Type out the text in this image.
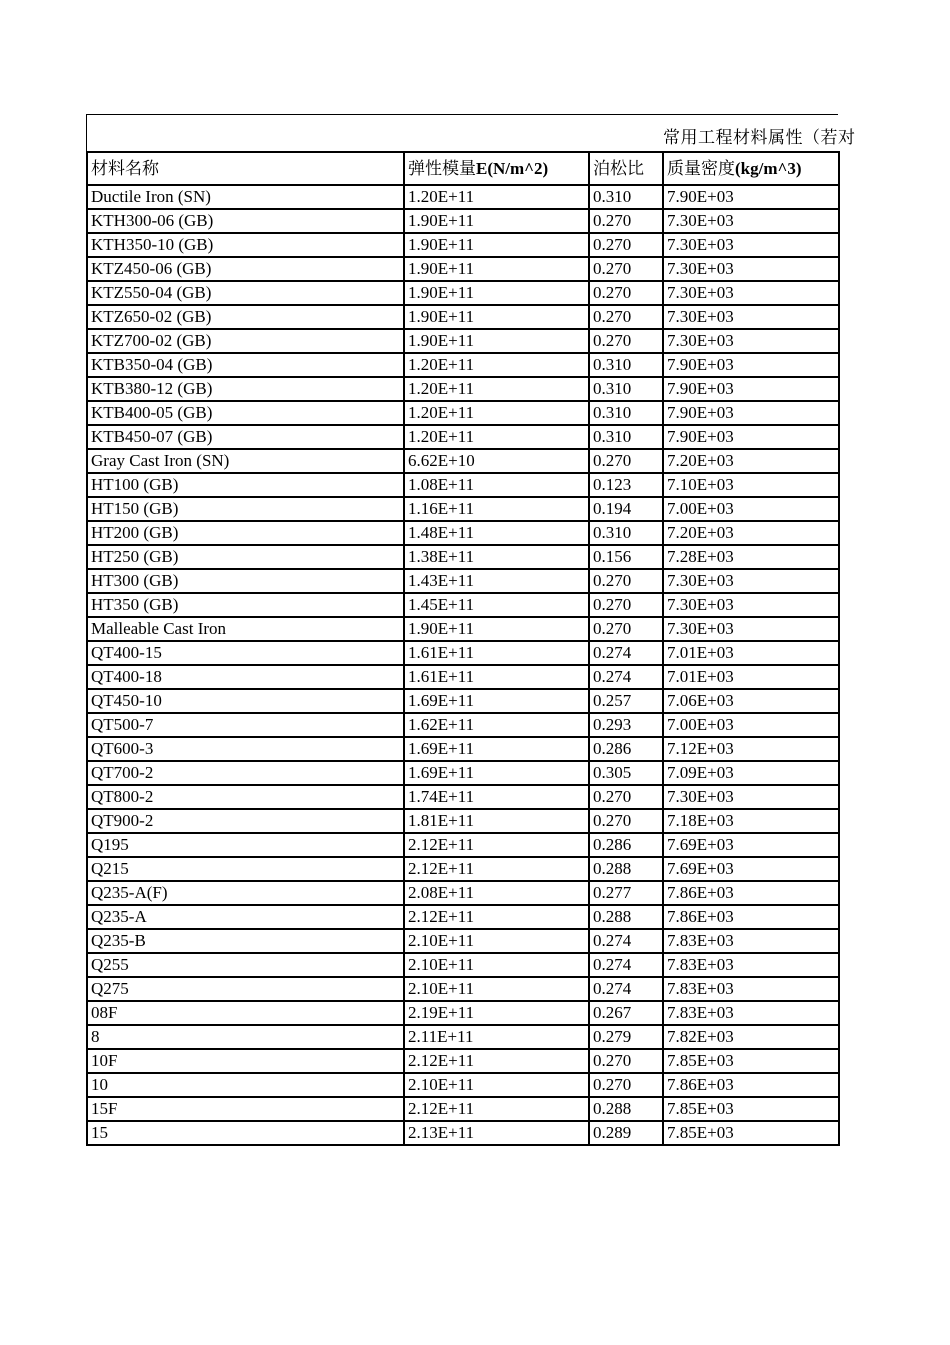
常用工程材料属性（若对
材料名称	弹性模量E(N/m^2)	泊松比	质量密度(kg/m^3)
Ductile Iron (SN)	1.20E+11	0.310	7.90E+03
KTH300-06 (GB)	1.90E+11	0.270	7.30E+03
KTH350-10 (GB)	1.90E+11	0.270	7.30E+03
KTZ450-06 (GB)	1.90E+11	0.270	7.30E+03
KTZ550-04 (GB)	1.90E+11	0.270	7.30E+03
KTZ650-02 (GB)	1.90E+11	0.270	7.30E+03
KTZ700-02 (GB)	1.90E+11	0.270	7.30E+03
KTB350-04 (GB)	1.20E+11	0.310	7.90E+03
KTB380-12 (GB)	1.20E+11	0.310	7.90E+03
KTB400-05 (GB)	1.20E+11	0.310	7.90E+03
KTB450-07 (GB)	1.20E+11	0.310	7.90E+03
Gray Cast Iron (SN)	6.62E+10	0.270	7.20E+03
HT100 (GB)	1.08E+11	0.123	7.10E+03
HT150 (GB)	1.16E+11	0.194	7.00E+03
HT200 (GB)	1.48E+11	0.310	7.20E+03
HT250 (GB)	1.38E+11	0.156	7.28E+03
HT300 (GB)	1.43E+11	0.270	7.30E+03
HT350 (GB)	1.45E+11	0.270	7.30E+03
Malleable Cast Iron	1.90E+11	0.270	7.30E+03
QT400-15	1.61E+11	0.274	7.01E+03
QT400-18	1.61E+11	0.274	7.01E+03
QT450-10	1.69E+11	0.257	7.06E+03
QT500-7	1.62E+11	0.293	7.00E+03
QT600-3	1.69E+11	0.286	7.12E+03
QT700-2	1.69E+11	0.305	7.09E+03
QT800-2	1.74E+11	0.270	7.30E+03
QT900-2	1.81E+11	0.270	7.18E+03
Q195	2.12E+11	0.286	7.69E+03
Q215	2.12E+11	0.288	7.69E+03
Q235-A(F)	2.08E+11	0.277	7.86E+03
Q235-A	2.12E+11	0.288	7.86E+03
Q235-B	2.10E+11	0.274	7.83E+03
Q255	2.10E+11	0.274	7.83E+03
Q275	2.10E+11	0.274	7.83E+03
08F	2.19E+11	0.267	7.83E+03
8	2.11E+11	0.279	7.82E+03
10F	2.12E+11	0.270	7.85E+03
10	2.10E+11	0.270	7.86E+03
15F	2.12E+11	0.288	7.85E+03
15	2.13E+11	0.289	7.85E+03
